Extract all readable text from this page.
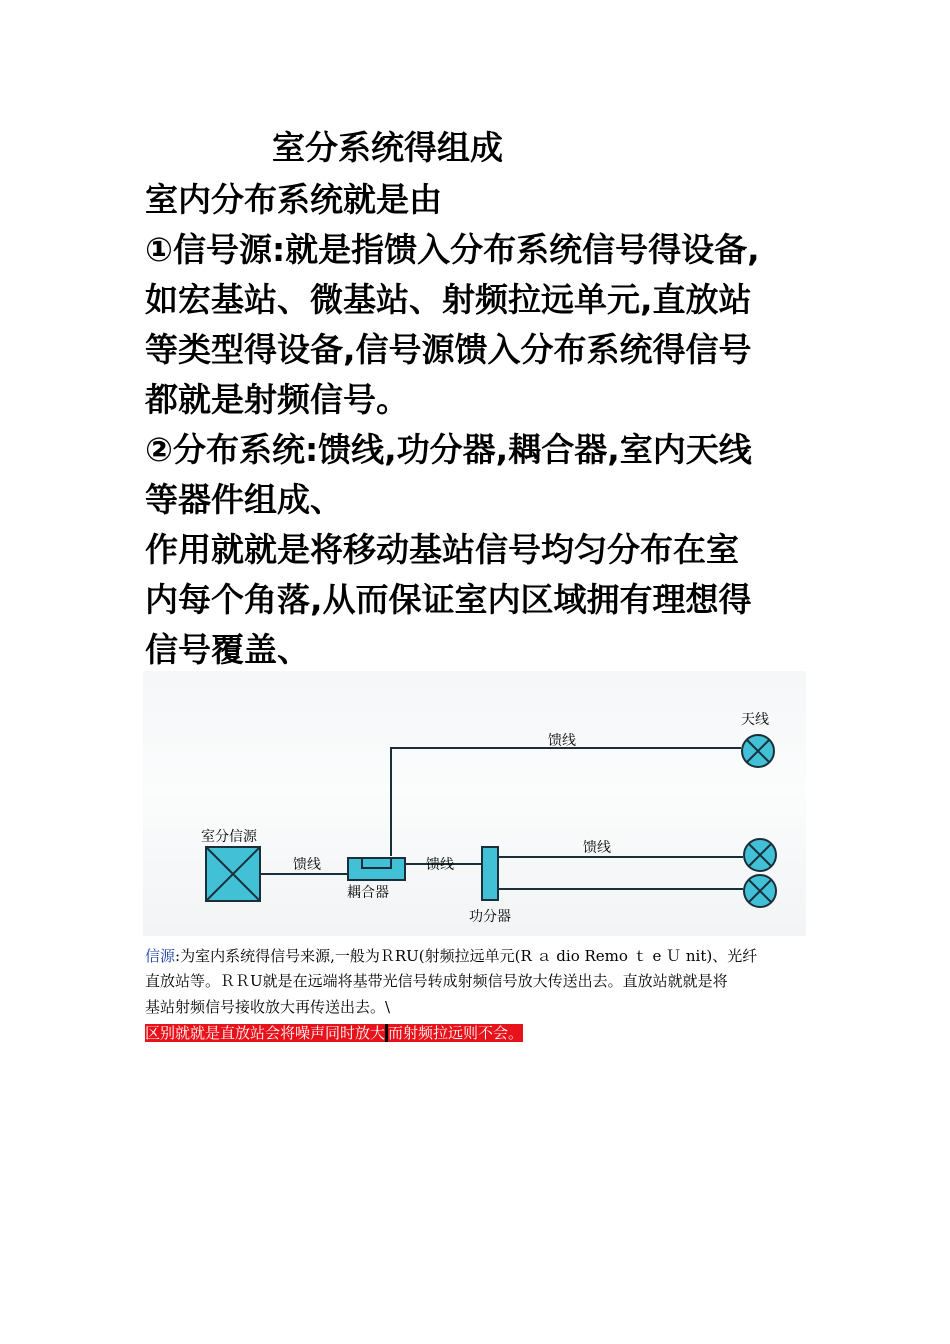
室分系统得组成
室内分布系统就是由
①信号源:就是指馈入分布系统信号得设备,
如宏基站、微基站、射频拉远单元,直放站
等类型得设备,信号源馈入分布系统得信号
都就是射频信号。
②分布系统:馈线,功分器,耦合器,室内天线
等器件组成、
作用就就是将移动基站信号均匀分布在室
内每个角落,从而保证室内区域拥有理想得
信号覆盖、
室分信源
馈线
耦合器
馈线
馈线
馈线
功分器
天线
信源:为室内系统得信号来源,一般为ＲRU(射频拉远单元(R ａ dio Remo ｔ e Ｕ nit)、光纤
直放站等。ＲＲU就是在远端将基带光信号转成射频信号放大传送出去。直放站就就是将
基站射频信号接收放大再传送出去。\
区别就就是直放站会将噪声同时放大 而射频拉远则不会。
